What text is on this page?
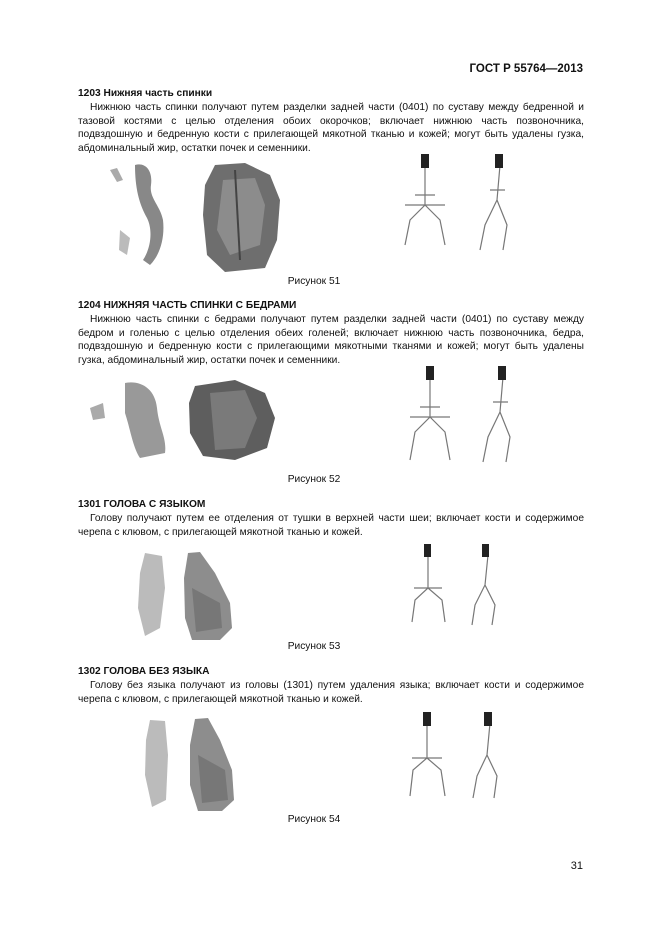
ГОСТ Р 55764—2013
1203 Нижняя часть спинки
Нижнюю часть спинки получают путем разделки задней части (0401) по суставу между бедренной и тазовой костями с целью отделения обоих окорочков; включает нижнюю часть позвоночника, подвздошную и бедренную кости с прилегающей мякотной тканью и кожей; могут быть удалены гузка, абдоминальный жир, остатки почек и семенники.
Рисунок 51
1204 НИЖНЯЯ ЧАСТЬ СПИНКИ С БЕДРАМИ
Нижнюю часть спинки с бедрами получают путем разделки задней части (0401) по суставу между бедром и голенью с целью отделения обеих голеней; включает нижнюю часть позвоночника, бедра, подвздошную и бедренную кости с прилегающими мякотными тканями и кожей; могут быть удалены гузка, абдоминальный жир, остатки почек и семенники.
Рисунок 52
1301 ГОЛОВА С ЯЗЫКОМ
Голову получают путем ее отделения от тушки в верхней части шеи; включает кости и содержимое черепа с клювом, с прилегающей мякотной тканью и кожей.
Рисунок 53
1302 ГОЛОВА БЕЗ ЯЗЫКА
Голову без языка получают из головы (1301) путем удаления языка; включает кости и содержимое черепа с клювом, с прилегающей мякотной тканью и кожей.
Рисунок 54
31
